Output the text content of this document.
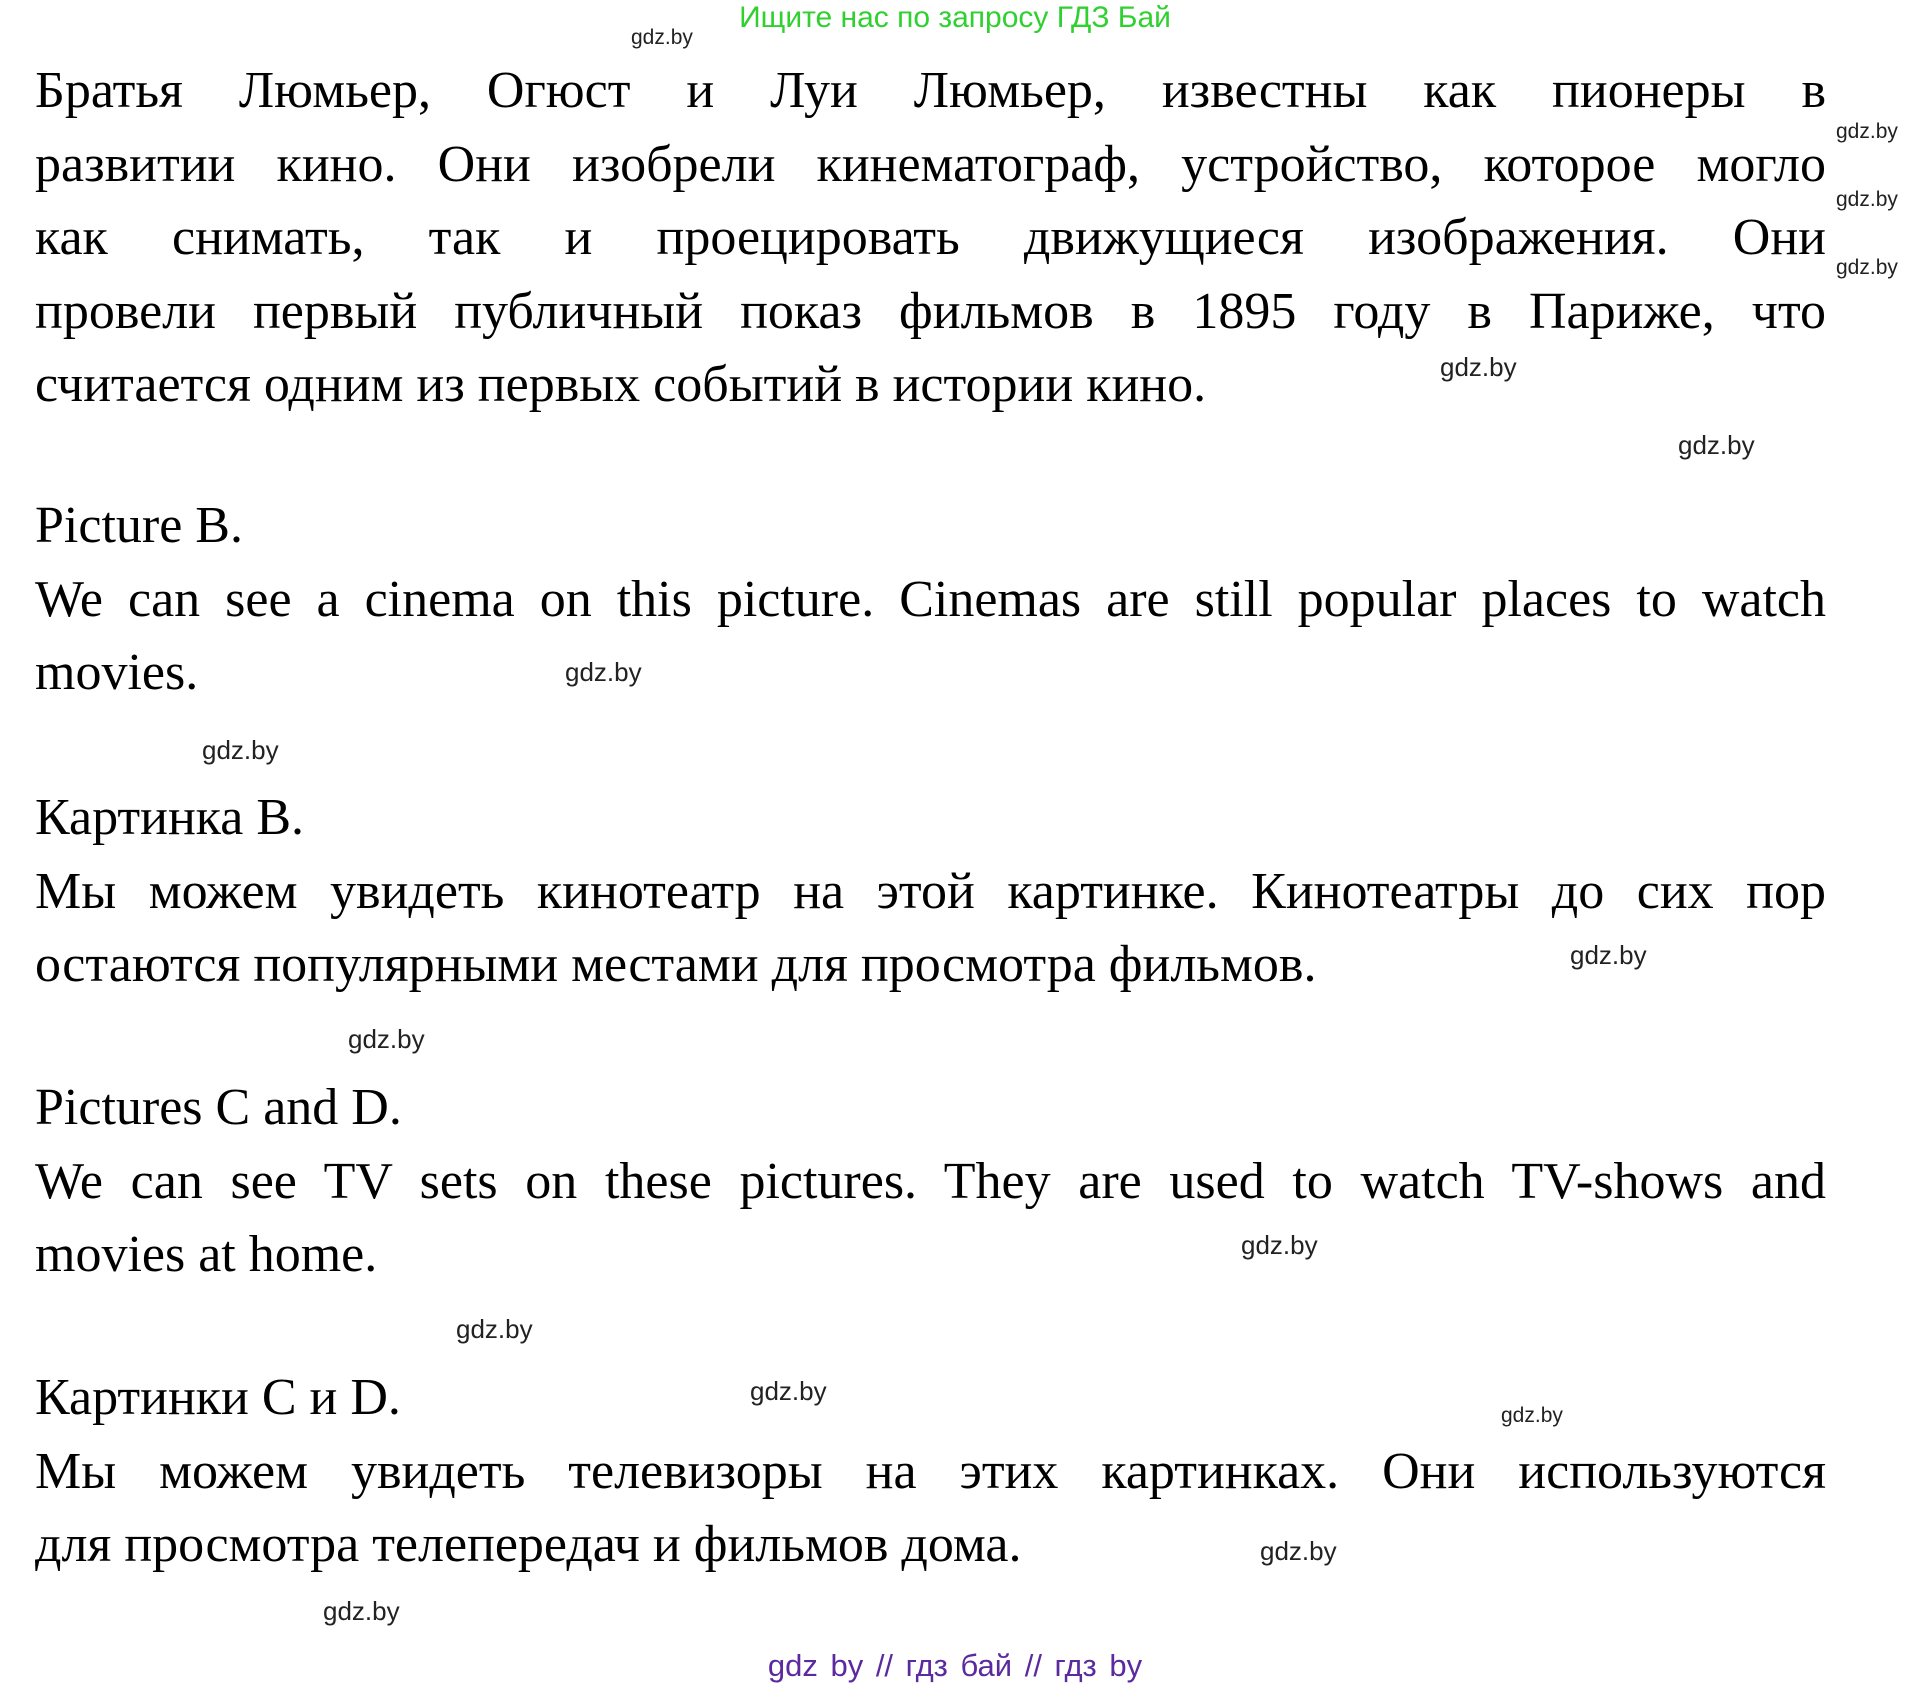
Ищите нас по запросу ГДЗ Бай
Братья Люмьер, Огюст и Луи Люмьер, известны как пионеры в
развитии кино. Они изобрели кинематограф, устройство, которое могло
как снимать, так и проецировать движущиеся изображения. Они
провели первый публичный показ фильмов в 1895 году в Париже, что
считается одним из первых событий в истории кино.
Picture B.
We can see a cinema on this picture. Cinemas are still popular places to watch
movies.
Картинка B.
Мы можем увидеть кинотеатр на этой картинке. Кинотеатры до сих пор
остаются популярными местами для просмотра фильмов.
Pictures C and D.
We can see TV sets on these pictures. They are used to watch TV-shows and
movies at home.
Картинки C и D.
Мы можем увидеть телевизоры на этих картинках. Они используются
для просмотра телепередач и фильмов дома.
gdz.by
gdz.by
gdz.by
gdz.by
gdz.by
gdz.by
gdz.by
gdz.by
gdz.by
gdz.by
gdz.by
gdz.by
gdz.by
gdz.by
gdz.by
gdz.by
gdz by // гдз бай // гдз by
